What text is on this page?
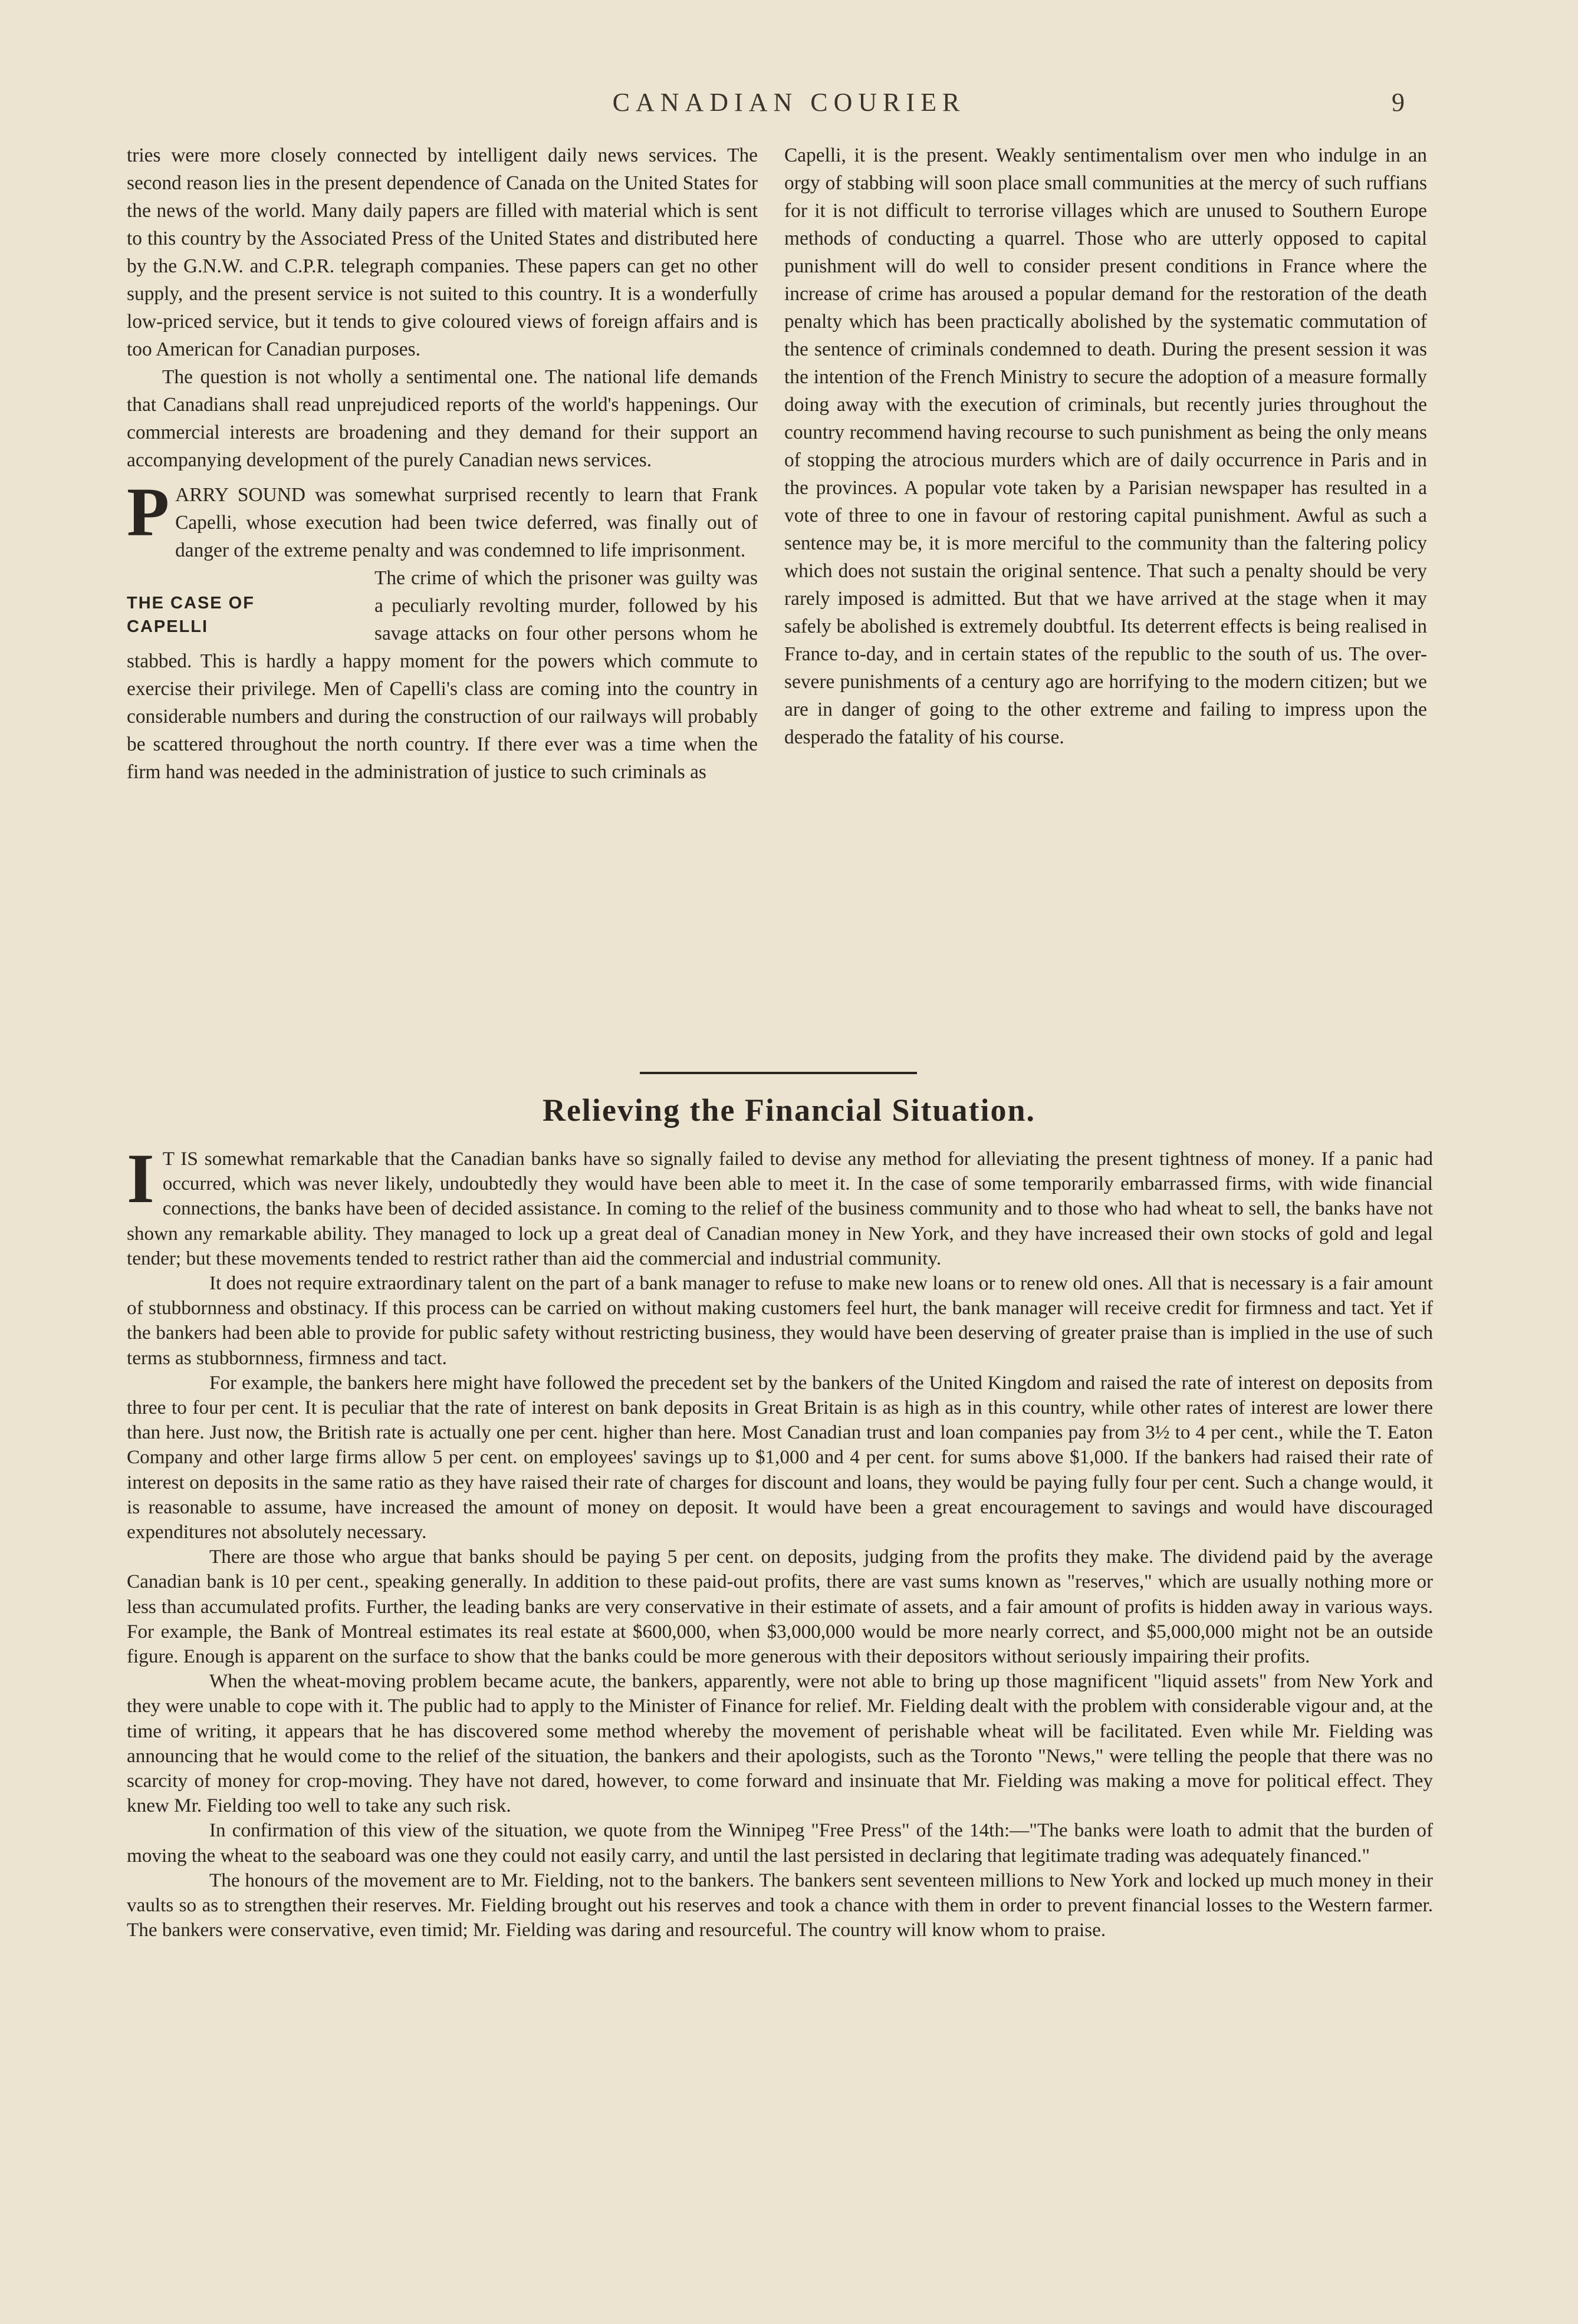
CANADIAN COURIER	9

tries were more closely connected by intelligent daily news services. The second reason lies in the present dependence of Canada on the United States for the news of the world. Many daily papers are filled with material which is sent to this country by the Associated Press of the United States and distributed here by the G.N.W. and C.P.R. telegraph companies. These papers can get no other supply, and the present service is not suited to this country. It is a wonderfully low-priced service, but it tends to give coloured views of foreign affairs and is too American for Canadian purposes.

The question is not wholly a sentimental one. The national life demands that Canadians shall read unprejudiced reports of the world's happenings. Our commercial interests are broadening and they demand for their support an accompanying development of the purely Canadian news services.

PARRY SOUND was somewhat surprised recently to learn that Frank Capelli, whose execution had been twice deferred, was finally out of danger of the extreme penalty and was condemned to life imprisonment.

THE CASE OF
CAPELLI
The crime of which the prisoner was guilty was a peculiarly revolting murder, followed by his savage attacks on four other persons whom he stabbed. This is hardly a happy moment for the powers which commute to exercise their privilege. Men of Capelli's class are coming into the country in considerable numbers and during the construction of our railways will probably be scattered throughout the north country. If there ever was a time when the firm hand was needed in the administration of justice to such criminals as

Capelli, it is the present. Weakly sentimentalism over men who indulge in an orgy of stabbing will soon place small communities at the mercy of such ruffians for it is not difficult to terrorise villages which are unused to Southern Europe methods of conducting a quarrel. Those who are utterly opposed to capital punishment will do well to consider present conditions in France where the increase of crime has aroused a popular demand for the restoration of the death penalty which has been practically abolished by the systematic commutation of the sentence of criminals condemned to death. During the present session it was the intention of the French Ministry to secure the adoption of a measure formally doing away with the execution of criminals, but recently juries throughout the country recommend having recourse to such punishment as being the only means of stopping the atrocious murders which are of daily occurrence in Paris and in the provinces. A popular vote taken by a Parisian newspaper has resulted in a vote of three to one in favour of restoring capital punishment. Awful as such a sentence may be, it is more merciful to the community than the faltering policy which does not sustain the original sentence. That such a penalty should be very rarely imposed is admitted. But that we have arrived at the stage when it may safely be abolished is extremely doubtful. Its deterrent effects is being realised in France to-day, and in certain states of the republic to the south of us. The over-severe punishments of a century ago are horrifying to the modern citizen; but we are in danger of going to the other extreme and failing to impress upon the desperado the fatality of his course.

Relieving the Financial Situation.

I T IS somewhat remarkable that the Canadian banks have so signally failed to devise any method for alleviating the present tightness of money. If a panic had occurred, which was never likely, undoubtedly they would have been able to meet it. In the case of some temporarily embarrassed firms, with wide financial connections, the banks have been of decided assistance. In coming to the relief of the business community and to those who had wheat to sell, the banks have not shown any remarkable ability. They managed to lock up a great deal of Canadian money in New York, and they have increased their own stocks of gold and legal tender; but these movements tended to restrict rather than aid the commercial and industrial community.

It does not require extraordinary talent on the part of a bank manager to refuse to make new loans or to renew old ones. All that is necessary is a fair amount of stubbornness and obstinacy. If this process can be carried on without making customers feel hurt, the bank manager will receive credit for firmness and tact. Yet if the bankers had been able to provide for public safety without restricting business, they would have been deserving of greater praise than is implied in the use of such terms as stubbornness, firmness and tact.

For example, the bankers here might have followed the precedent set by the bankers of the United Kingdom and raised the rate of interest on deposits from three to four per cent. It is peculiar that the rate of interest on bank deposits in Great Britain is as high as in this country, while other rates of interest are lower there than here. Just now, the British rate is actually one per cent. higher than here. Most Canadian trust and loan companies pay from 3½ to 4 per cent., while the T. Eaton Company and other large firms allow 5 per cent. on employees' savings up to $1,000 and 4 per cent. for sums above $1,000. If the bankers had raised their rate of interest on deposits in the same ratio as they have raised their rate of charges for discount and loans, they would be paying fully four per cent. Such a change would, it is reasonable to assume, have increased the amount of money on deposit. It would have been a great encouragement to savings and would have discouraged expenditures not absolutely necessary.

There are those who argue that banks should be paying 5 per cent. on deposits, judging from the profits they make. The dividend paid by the average Canadian bank is 10 per cent., speaking generally. In addition to these paid-out profits, there are vast sums known as "reserves," which are usually nothing more or less than accumulated profits. Further, the leading banks are very conservative in their estimate of assets, and a fair amount of profits is hidden away in various ways. For example, the Bank of Montreal estimates its real estate at $600,000, when $3,000,000 would be more nearly correct, and $5,000,000 might not be an outside figure. Enough is apparent on the surface to show that the banks could be more generous with their depositors without seriously impairing their profits.

When the wheat-moving problem became acute, the bankers, apparently, were not able to bring up those magnificent "liquid assets" from New York and they were unable to cope with it. The public had to apply to the Minister of Finance for relief. Mr. Fielding dealt with the problem with considerable vigour and, at the time of writing, it appears that he has discovered some method whereby the movement of perishable wheat will be facilitated. Even while Mr. Fielding was announcing that he would come to the relief of the situation, the bankers and their apologists, such as the Toronto "News," were telling the people that there was no scarcity of money for crop-moving. They have not dared, however, to come forward and insinuate that Mr. Fielding was making a move for political effect. They knew Mr. Fielding too well to take any such risk.

In confirmation of this view of the situation, we quote from the Winnipeg "Free Press" of the 14th:—"The banks were loath to admit that the burden of moving the wheat to the seaboard was one they could not easily carry, and until the last persisted in declaring that legitimate trading was adequately financed."

The honours of the movement are to Mr. Fielding, not to the bankers. The bankers sent seventeen millions to New York and locked up much money in their vaults so as to strengthen their reserves. Mr. Fielding brought out his reserves and took a chance with them in order to prevent financial losses to the Western farmer. The bankers were conservative, even timid; Mr. Fielding was daring and resourceful. The country will know whom to praise.
